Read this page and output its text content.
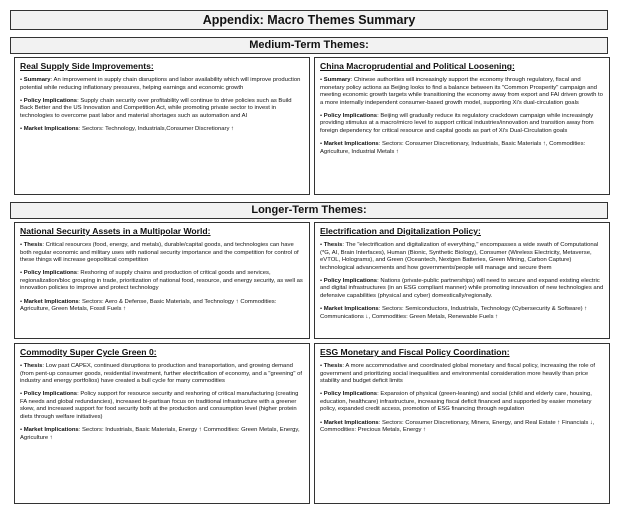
Appendix: Macro Themes Summary
Medium-Term Themes:
Real Supply Side Improvements:
• Summary: An improvement in supply chain disruptions and labor availability which will improve production potential while reducing inflationary pressures, helping earnings and economic growth
• Policy Implications: Supply chain security over profitability will continue to drive policies such as Build Back Better and the US Innovation and Competition Act, while promoting private sector to invest in technologies to overcome past labor and material shortages such as automation and AI
• Market Implications: Sectors: Technology, Industrials,Consumer Discretionary ↑
China Macroprudential and Political Loosening:
• Summary: Chinese authorities will increasingly support the economy through regulatory, fiscal and monetary policy actions as Beijing looks to find a balance between its "Common Prosperity" campaign and meeting economic growth targets while transitioning the economy away from export and FAI driven growth to a more internally independent consumer-based growth model, supporting Xi's dual-circulation goals
• Policy Implications: Beijing will gradually reduce its regulatory crackdown campaign while increasingly providing stimulus at a macro/micro level to support critical industries/innovation and transition away from foreign dependency for critical resource and capital goods as part of Xi's Dual-Circulation goals
• Market Implications: Sectors: Consumer Discretionary, Industrials, Basic Materials ↑, Commodities: Agriculture, Industrial Metals ↑
Longer-Term Themes:
National Security Assets in a Multipolar World:
• Thesis: Critical resources (food, energy, and metals), durable/capital goods, and technologies can have both regular economic and military uses with national security importance and the competition for control of these things will increase geopolitical competition
• Policy Implications: Reshoring of supply chains and production of critical goods and services, regionalization/bloc grouping in trade, prioritization of national food, resource, and energy security, as well as innovation policies to improve and protect technology
• Market Implications: Sectors: Aero & Defense, Basic Materials, and Technology ↑ Commodities: Agriculture, Green Metals, Fossil Fuels ↑
Electrification and Digitalization Policy:
• Thesis: The "electrification and digitalization of everything," encompasses a wide swath of Computational (*G, AI, Brain Interfaces), Human (Bionic, Synthetic Biology), Consumer (Wireless Electricity, Metaverse, eVTOL, Holograms), and Green (Oceantech, Nextgen Batteries, Green Mining, Carbon Capture) technological advancements and how governments/people will manage and secure them
• Policy Implications: Nations (private-public partnerships) will need to secure and expand existing electric and digital infrastructures (in an ESG compliant manner) while promoting innovation of new technologies and defensive capabilities (physical and cyber) domestically/regionally.
• Market Implications: Sectors: Semiconductors, Industrials, Technology (Cybersecurity & Software) ↑ Communications ↓, Commodities: Green Metals, Renewable Fuels ↑
Commodity Super Cycle Green 0:
• Thesis: Low past CAPEX, continued disruptions to production and transportation, and growing demand (from pent-up consumer goods, residential investment, further electrification of economy, and a "greening" of industry and energy portfolios) have created a bull cycle for many commodities
• Policy Implications: Policy support for resource security and reshoring of critical manufacturing (creating FA needs and global redundancies), increased bi-partisan focus on traditional infrastructure with a greener skew, and increased support for food security both at the production and consumption level (higher protein diets through welfare initiatives)
• Market Implications: Sectors: Industrials, Basic Materials, Energy ↑ Commodities: Green Metals, Energy, Agriculture ↑
ESG Monetary and Fiscal Policy Coordination:
• Thesis: A more accommodative and coordinated global monetary and fiscal policy, increasing the role of government and prioritizing social inequalities and environmental consideration more heavily than price stability and budget deficit limits
• Policy Implications: Expansion of physical (green-leaning) and social (child and elderly care, housing, education, healthcare) infrastructure, increasing fiscal deficit financed and supported by easier monetary policy, expanded credit access, promotion of ESG financing through regulation
• Market Implications: Sectors: Consumer Discretionary, Miners, Energy, and Real Estate ↑ Financials ↓, Commodities: Precious Metals, Energy ↑
